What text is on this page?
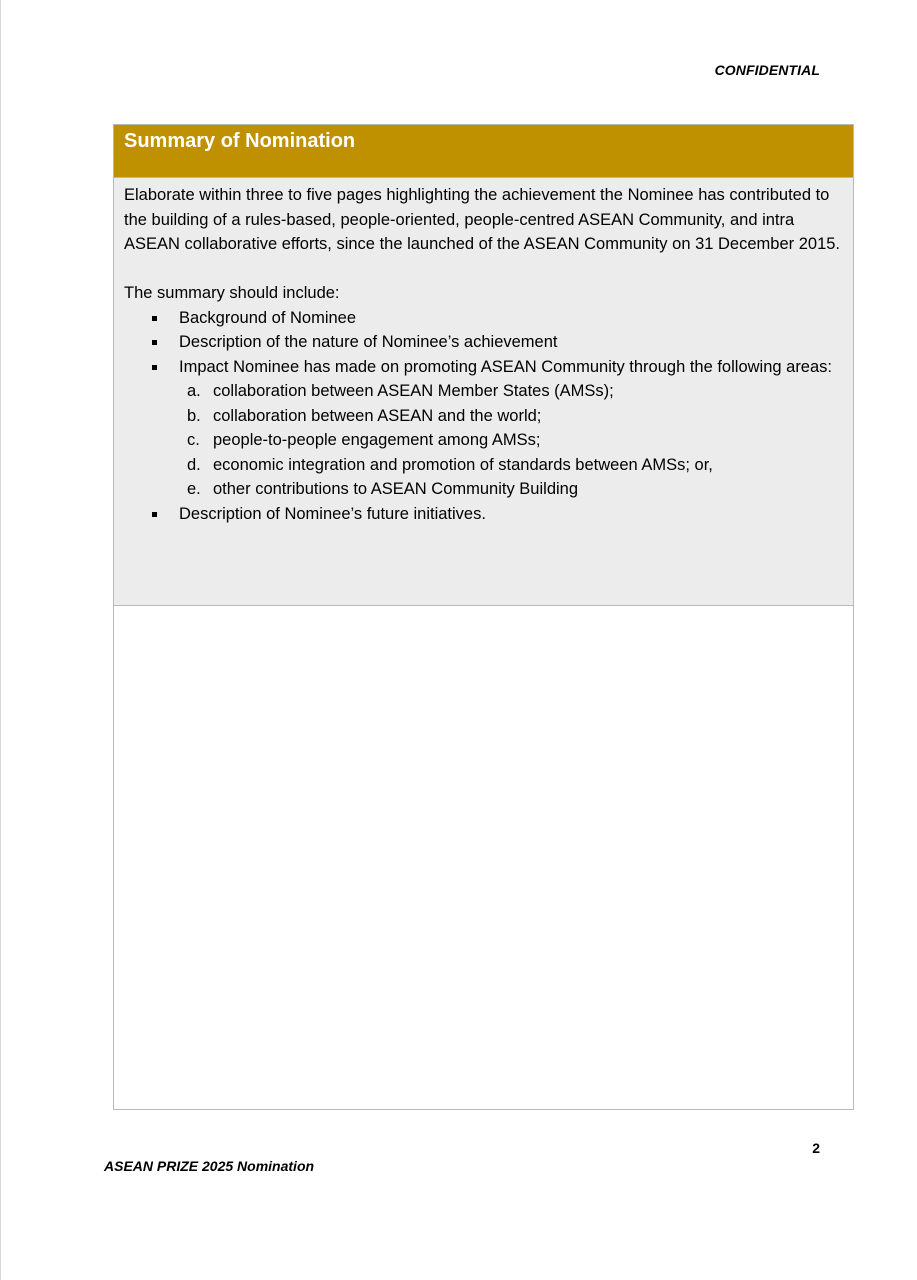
CONFIDENTIAL
Summary of Nomination

Elaborate within three to five pages highlighting the achievement the Nominee has contributed to the building of a rules-based, people-oriented, people-centred ASEAN Community, and intra ASEAN collaborative efforts, since the launched of the ASEAN Community on 31 December 2015.

The summary should include:

Background of Nominee
Description of the nature of Nominee’s achievement
Impact Nominee has made on promoting ASEAN Community through the following areas:
a. collaboration between ASEAN Member States (AMSs);
b. collaboration between ASEAN and the world;
c. people-to-people engagement among AMSs;
d. economic integration and promotion of standards between AMSs; or,
e. other contributions to ASEAN Community Building
Description of Nominee’s future initiatives.
2
ASEAN PRIZE 2025 Nomination
